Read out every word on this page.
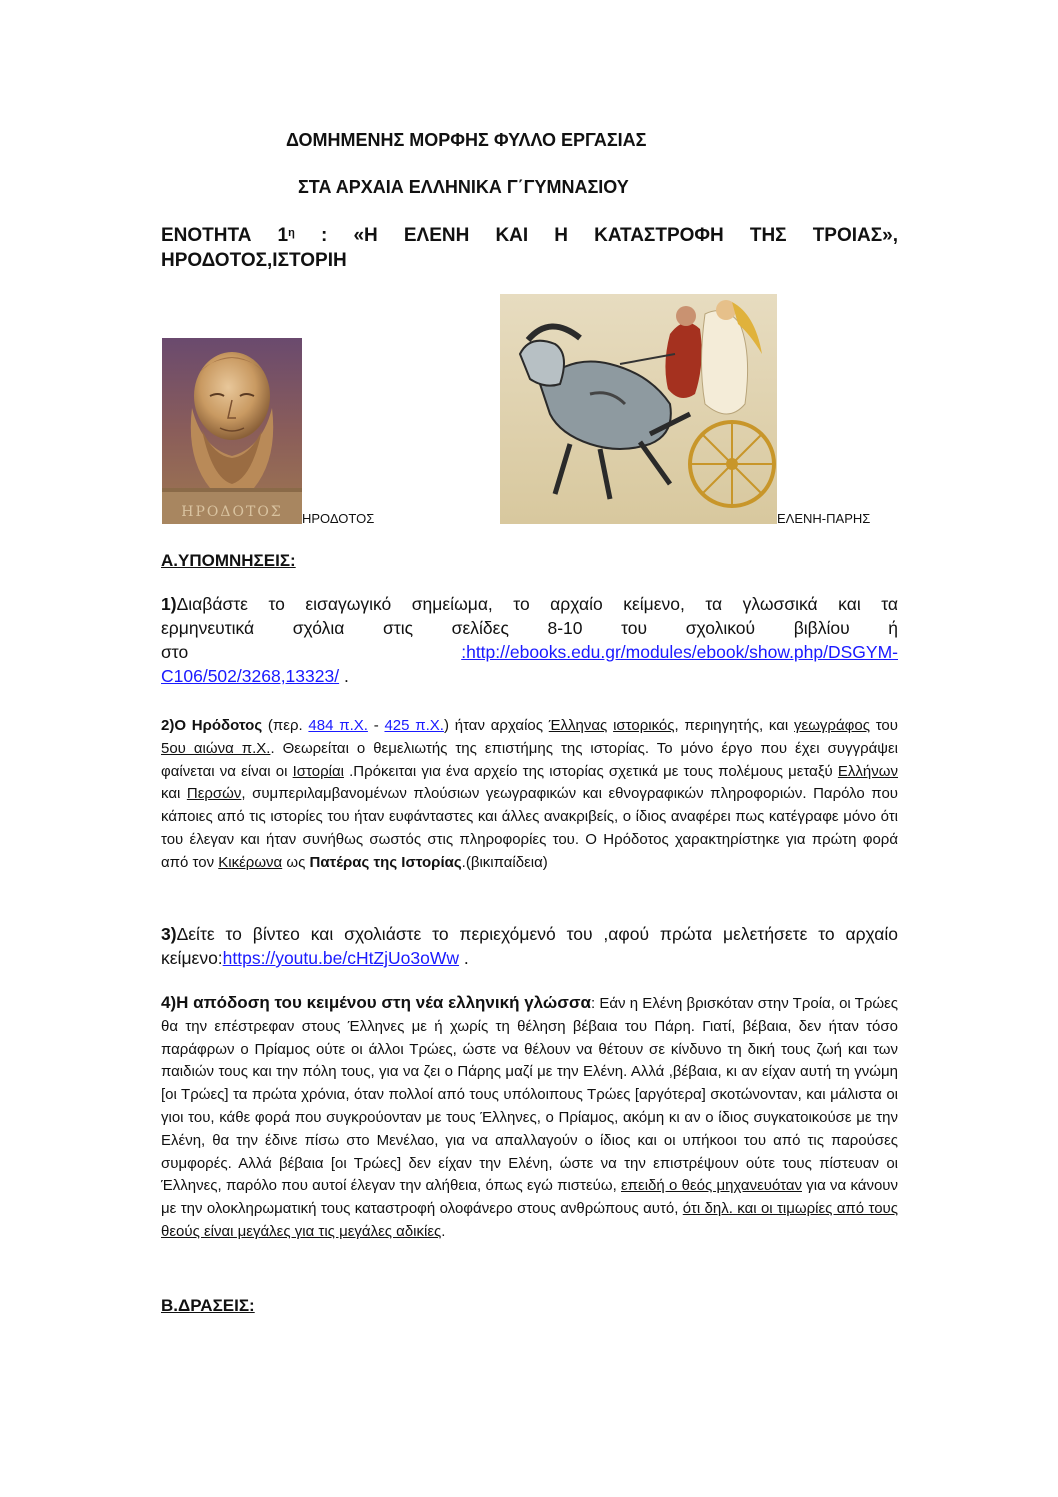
ΔΟΜΗΜΕΝΗΣ ΜΟΡΦΗΣ ΦΥΛΛΟ ΕΡΓΑΣΙΑΣ
ΣΤΑ ΑΡΧΑΙΑ ΕΛΛΗΝΙΚΑ Γ΄ΓΥΜΝΑΣΙΟΥ
ΕΝΟΤΗΤΑ $1^\eta$ : «Η ΕΛΕΝΗ ΚΑΙ Η ΚΑΤΑΣΤΡΟΦΗ ΤΗΣ ΤΡΟΙΑΣ»,
ΗΡΟΔΟΤΟΣ,ΙΣΤΟΡΙΗ
ΗΡΟΔΟΤΟΣ ΗΡΟΔΟΤΟΣ	ΕΛΕΝΗ-ΠΑΡΗΣ
Α.ΥΠΟΜΝΗΣΕΙΣ:
1)Διαβάστε το εισαγωγικό σημείωμα, το αρχαίο κείμενο, τα γλωσσικά και τα
ερμηνευτικά σχόλια στις σελίδες 8-10 του σχολικού βιβλίου ή
στο	:http://ebooks.edu.gr/modules/ebook/show.php/DSGYM-
C106/502/3268,13323/ .
2)Ο Ηρόδοτος (περ. 484 π.Χ. - 425 π.Χ.) ήταν αρχαίος Έλληνας ιστορικός, περιηγητής, και γεωγράφος του 5ου αιώνα π.Χ.. Θεωρείται ο θεμελιωτής της επιστήμης της ιστορίας. Το μόνο έργο που έχει συγγράψει φαίνεται να είναι οι Ιστορίαι .Πρόκειται για ένα αρχείο της ιστορίας σχετικά με τους πολέμους μεταξύ Ελλήνων και Περσών, συμπεριλαμβανομένων πλούσιων γεωγραφικών και εθνογραφικών πληροφοριών. Παρόλο που κάποιες από τις ιστορίες του ήταν ευφάνταστες και άλλες ανακριβείς, ο ίδιος αναφέρει πως κατέγραφε μόνο ότι του έλεγαν και ήταν συνήθως σωστός στις πληροφορίες του. Ο Ηρόδοτος χαρακτηρίστηκε για πρώτη φορά από τον Κικέρωνα ως Πατέρας της Ιστορίας.(βικιπαίδεια)
3)Δείτε το βίντεο και σχολιάστε το περιεχόμενό του ,αφού πρώτα μελετήσετε το αρχαίο κείμενο:https://youtu.be/cHtZjUo3oWw .
4)Η απόδοση του κειμένου στη νέα ελληνική γλώσσα: Εάν η Ελένη βρισκόταν στην Τροία, οι Τρώες θα την επέστρεφαν στους Έλληνες με ή χωρίς τη θέληση βέβαια του Πάρη. Γιατί, βέβαια, δεν ήταν τόσο παράφρων ο Πρίαμος ούτε οι άλλοι Τρώες, ώστε να θέλουν να θέτουν σε κίνδυνο τη δική τους ζωή και των παιδιών τους και την πόλη τους, για να ζει ο Πάρης μαζί με την Ελένη. Αλλά ,βέβαια, κι αν είχαν αυτή τη γνώμη [οι Τρώες] τα πρώτα χρόνια, όταν πολλοί από τους υπόλοιπους Τρώες [αργότερα] σκοτώνονταν, και μάλιστα οι γιοι του, κάθε φορά που συγκρούονταν με τους Έλληνες, ο Πρίαμος, ακόμη κι αν ο ίδιος συγκατοικούσε με την Ελένη, θα την έδινε πίσω στο Μενέλαο, για να απαλλαγούν ο ίδιος και οι υπήκοοι του από τις παρούσες συμφορές. Αλλά βέβαια [οι Τρώες] δεν είχαν την Ελένη, ώστε να την επιστρέψουν ούτε τους πίστευαν οι Έλληνες, παρόλο που αυτοί έλεγαν την αλήθεια, όπως εγώ πιστεύω, επειδή ο θεός μηχανευόταν για να κάνουν με την ολοκληρωματική τους καταστροφή ολοφάνερο στους ανθρώπους αυτό, ότι δηλ. και οι τιμωρίες από τους θεούς είναι μεγάλες για τις μεγάλες αδικίες.
Β.ΔΡΑΣΕΙΣ:
